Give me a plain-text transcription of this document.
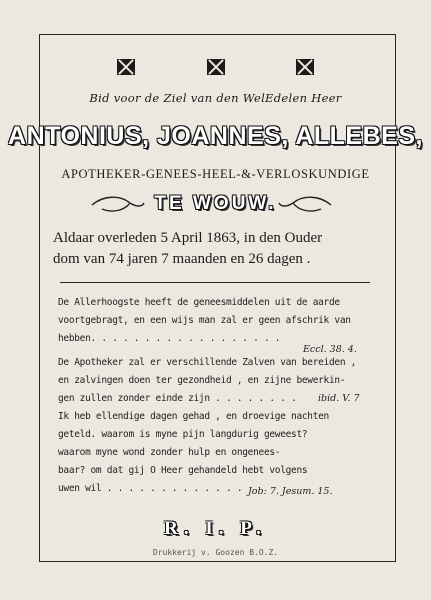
Bid voor de Ziel van den WelEdelen Heer
ANTONIUS, JOANNES, ALLEBES,
APOTHEKER-GENEES-HEEL-&-VERLOSKUNDIGE
TE WOUW.
Aldaar overleden 5 April 1863, in den Ouder
dom van 74 jaren 7 maanden en 26 dagen .
De Allerhoogste heeft de geneesmiddelen uit de aarde
voortgebragt, en een wijs man zal er geen afschrik van
hebben. . . . . . . . . . . . . . . . . .
Eccl. 38. 4.
De Apotheker zal er verschillende Zalven van bereiden ,
en zalvingen doen ter gezondheid , en zijne bewerkin-
gen zullen zonder einde zijn . . . . . . . . ibid. V. 7
Ik heb ellendige dagen gehad , en droevige nachten
geteld. waarom is myne pijn langdurig geweest?
waarom myne wond zonder hulp en ongenees-
baar? om dat gij O Heer gehandeld hebt volgens
uwen wil . . . . . . . . . . . . . Job: 7. Jesum. 15.
R. I. P.
Drukkerij v. Goozen B.O.Z.
